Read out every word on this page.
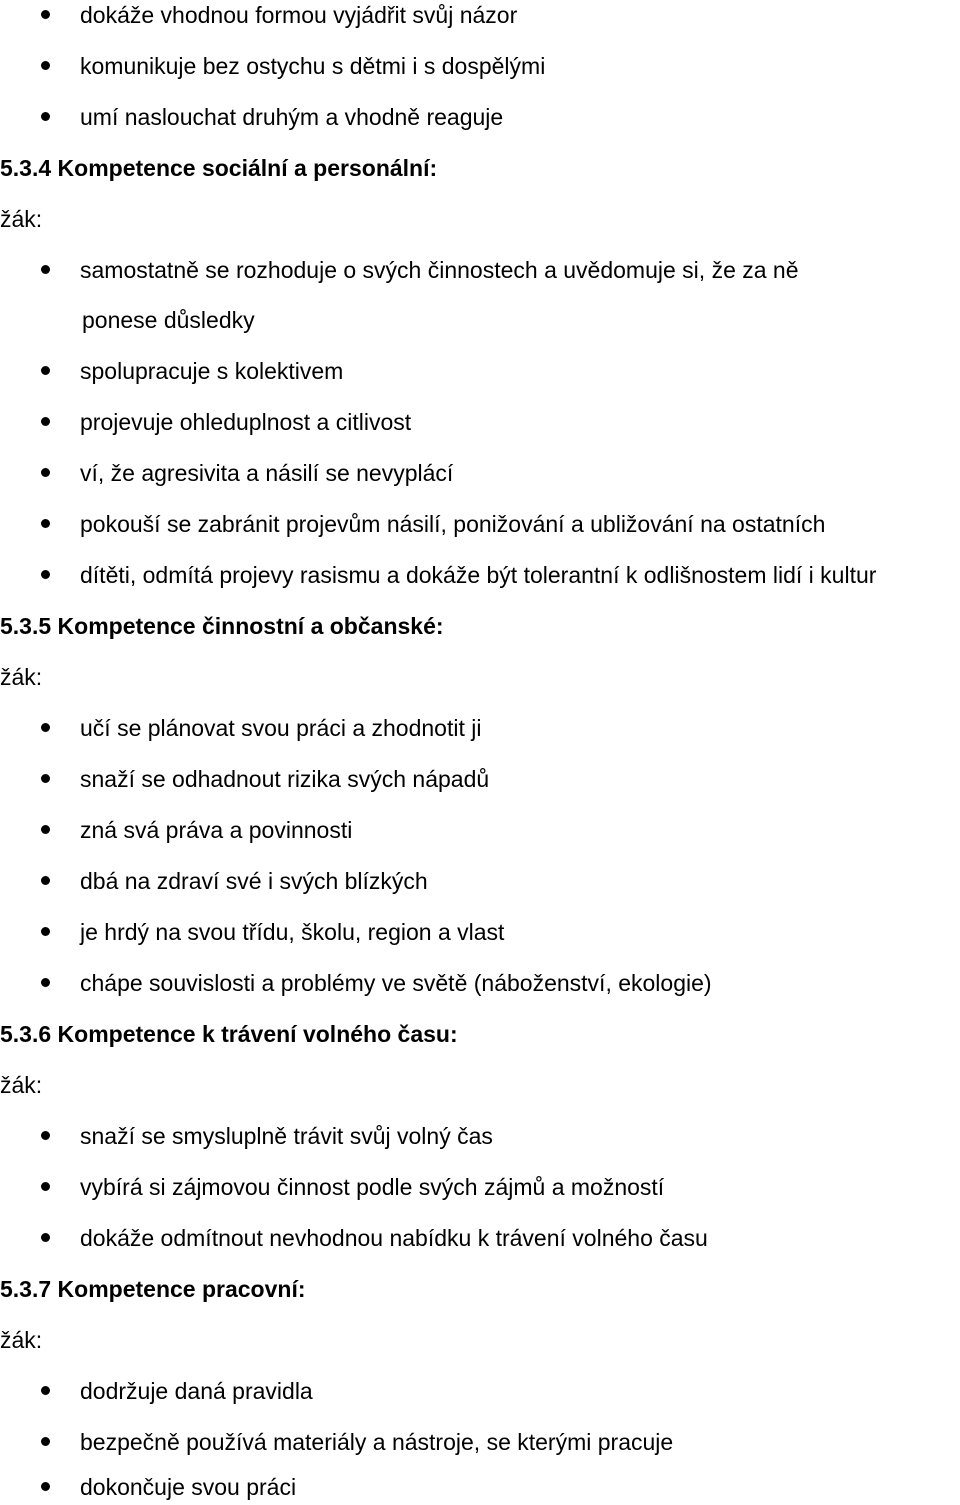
dokáže vhodnou formou vyjádřit svůj názor
komunikuje bez ostychu s dětmi i s dospělými
umí naslouchat druhým a vhodně reaguje
5.3.4 Kompetence sociální a personální:
žák:
samostatně se rozhoduje o svých činnostech a uvědomuje si, že za ně
ponese důsledky
spolupracuje s kolektivem
projevuje ohleduplnost a citlivost
ví, že agresivita a násilí se nevyplácí
pokouší se zabránit projevům násilí, ponižování a ubližování na ostatních
dítěti, odmítá projevy rasismu a dokáže být tolerantní k odlišnostem lidí i kultur
5.3.5 Kompetence činnostní a občanské:
žák:
učí se plánovat svou práci a zhodnotit ji
snaží se odhadnout rizika svých nápadů
zná svá práva a povinnosti
dbá na zdraví své i svých blízkých
je hrdý na svou třídu, školu, region a vlast
chápe souvislosti a problémy ve světě (náboženství, ekologie)
5.3.6 Kompetence k trávení volného času:
žák:
snaží se smysluplně trávit svůj volný čas
vybírá si zájmovou činnost podle svých zájmů a možností
dokáže odmítnout nevhodnou nabídku k trávení volného času
5.3.7 Kompetence pracovní:
žák:
dodržuje daná pravidla
bezpečně používá materiály a nástroje, se kterými pracuje
dokončuje svou práci
